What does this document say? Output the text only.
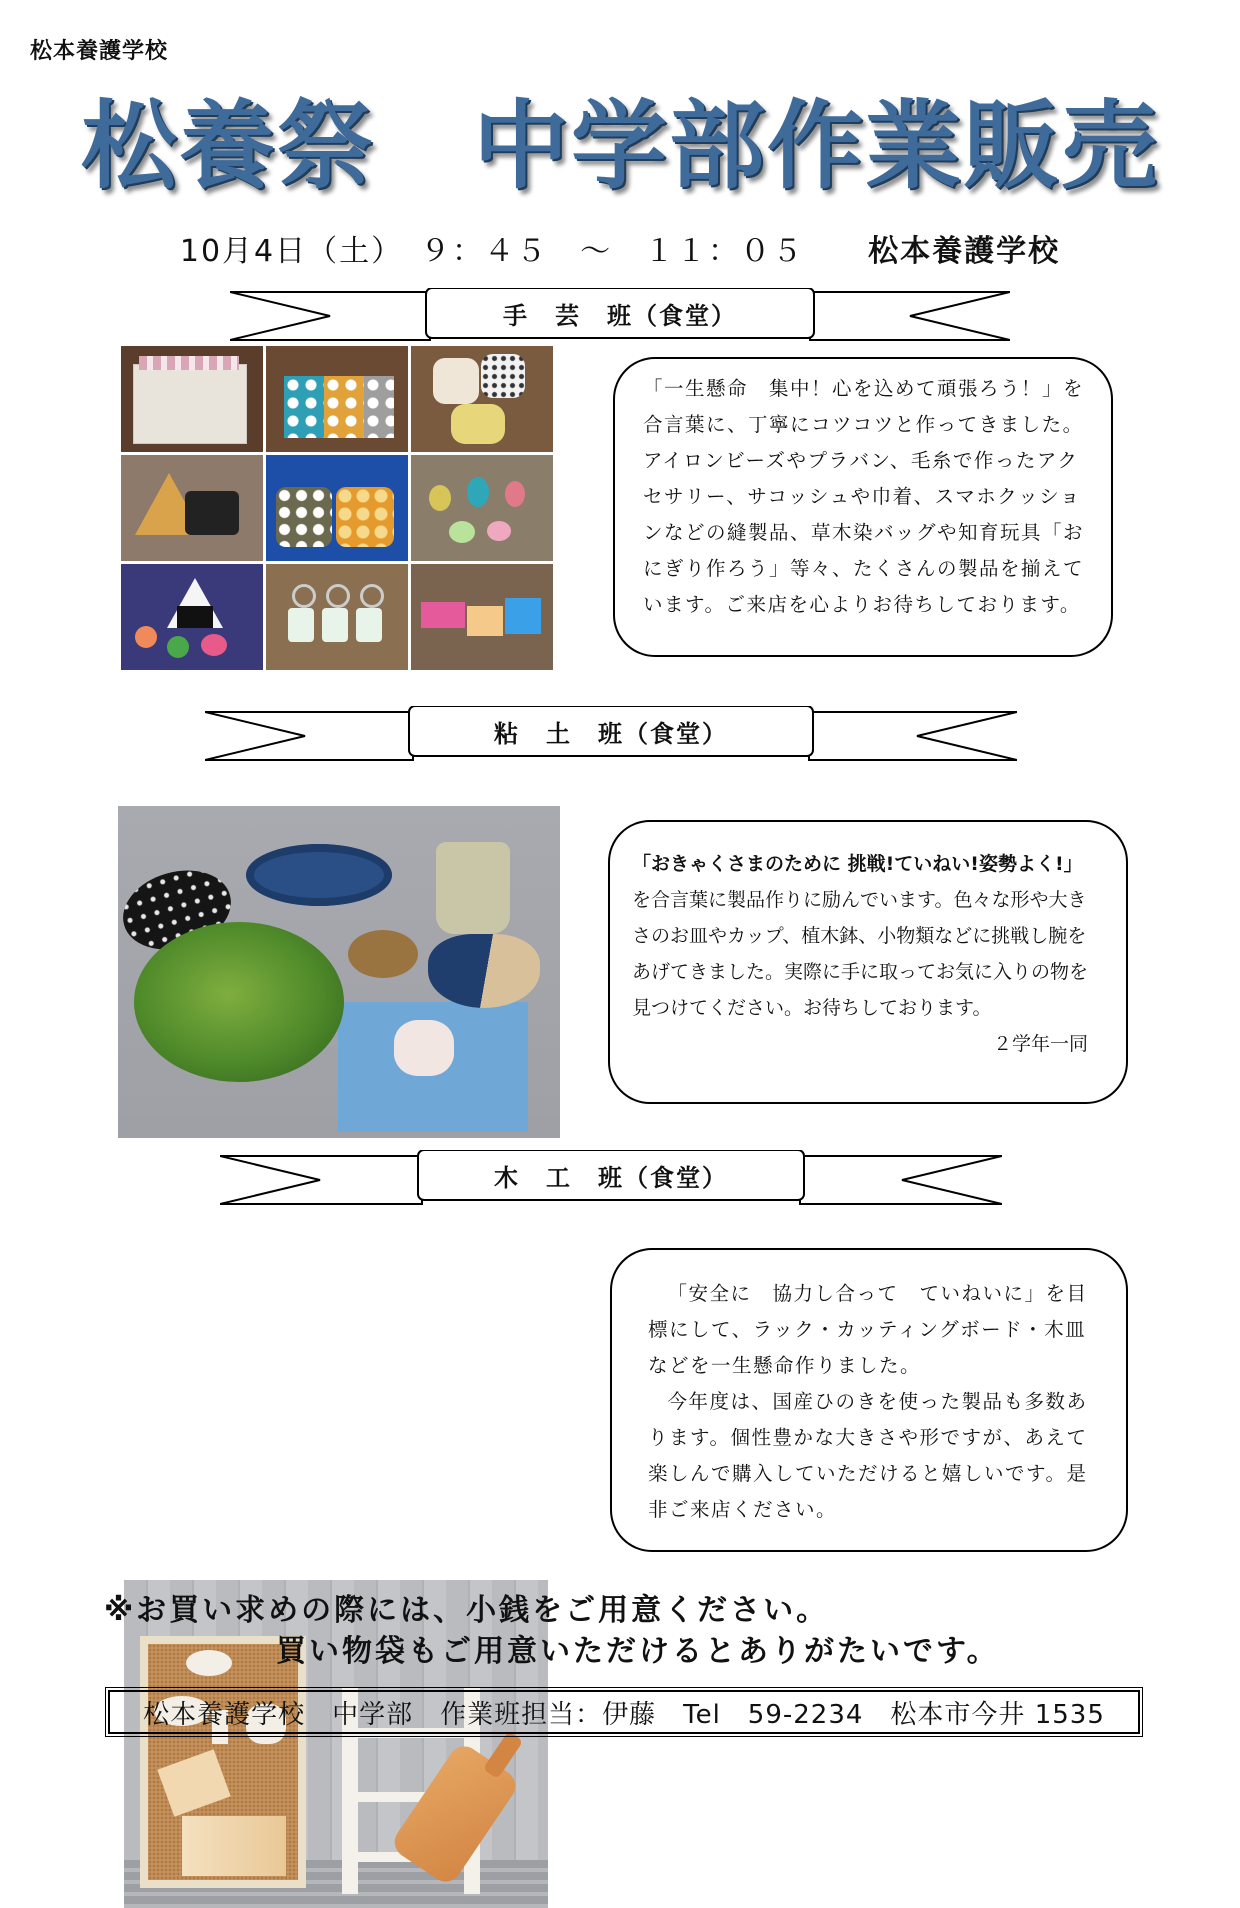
松本養護学校
松養祭　中学部作業販売
10月4日（土）　９：４５　～　１１：０５　　 松本養護学校
手　芸　班（食堂）

「一生懸命　集中！心を込めて頑張ろう！」を合言葉に、丁寧にコツコツと作ってきました。アイロンビーズやプラバン、毛糸で作ったアクセサリー、サコッシュや巾着、スマホクッションなどの縫製品、草木染バッグや知育玩具「おにぎり作ろう」等々、たくさんの製品を揃えています。ご来店を心よりお待ちしております。

粘　土　班（食堂）

「おきゃくさまのために 挑戦!ていねい!姿勢よく!」

を合言葉に製品作りに励んでいます。色々な形や大きさのお皿やカップ、植木鉢、小物類などに挑戦し腕をあげてきました。実際に手に取ってお気に入りの物を見つけてください。お待ちしております。

２学年一同

木　工　班（食堂）

「安全に　協力し合って　ていねいに」を目標にして、ラック・カッティングボード・木皿などを一生懸命作りました。

今年度は、国産ひのきを使った製品も多数あります。個性豊かな大きさや形ですが、あえて楽しんで購入していただけると嬉しいです。是非ご来店ください。

※お買い求めの際には、小銭をご用意ください。
買い物袋もご用意いただけるとありがたいです。
松本養護学校　中学部　作業班担当：伊藤　Tel　59-2234　松本市今井 1535
